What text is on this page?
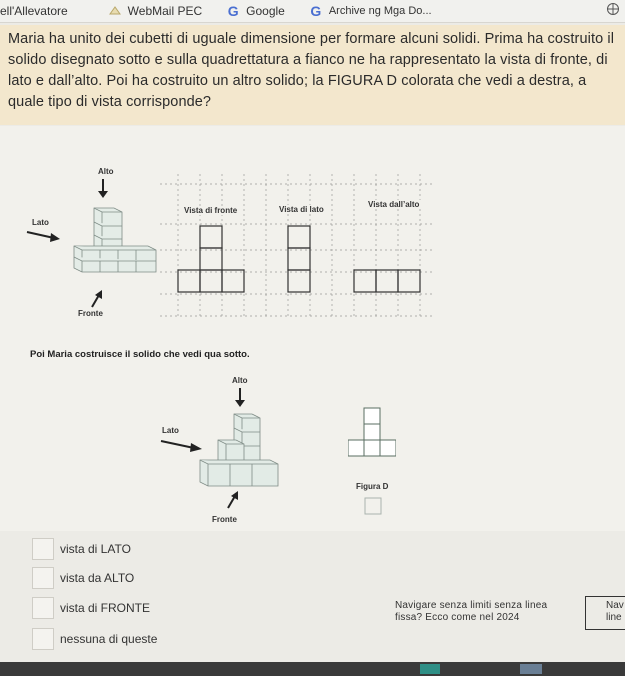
ell'Allevatore	WebMail PEC G Google G Archive ng Mga Do...
Maria ha unito dei cubetti di uguale dimensione per formare alcuni solidi. Prima ha costruito il solido disegnato sotto e sulla quadrettatura a fianco ne ha rappresentato la vista di fronte, di lato e dall’alto. Poi ha costruito un altro solido; la FIGURA D colorata che vedi a destra, a quale tipo di vista corrisponde?
Alto
Lato
Fronte
Vista di fronte	Vista di lato
Vista dall’alto
Poi Maria costruisce il solido che vedi qua sotto.
Alto
Lato
Fronte
Figura D
vista di LATO
vista da ALTO
vista di FRONTE
nessuna di queste
Navigare senza limiti senza linea
fissa? Ecco come nel 2024
Nav
line
